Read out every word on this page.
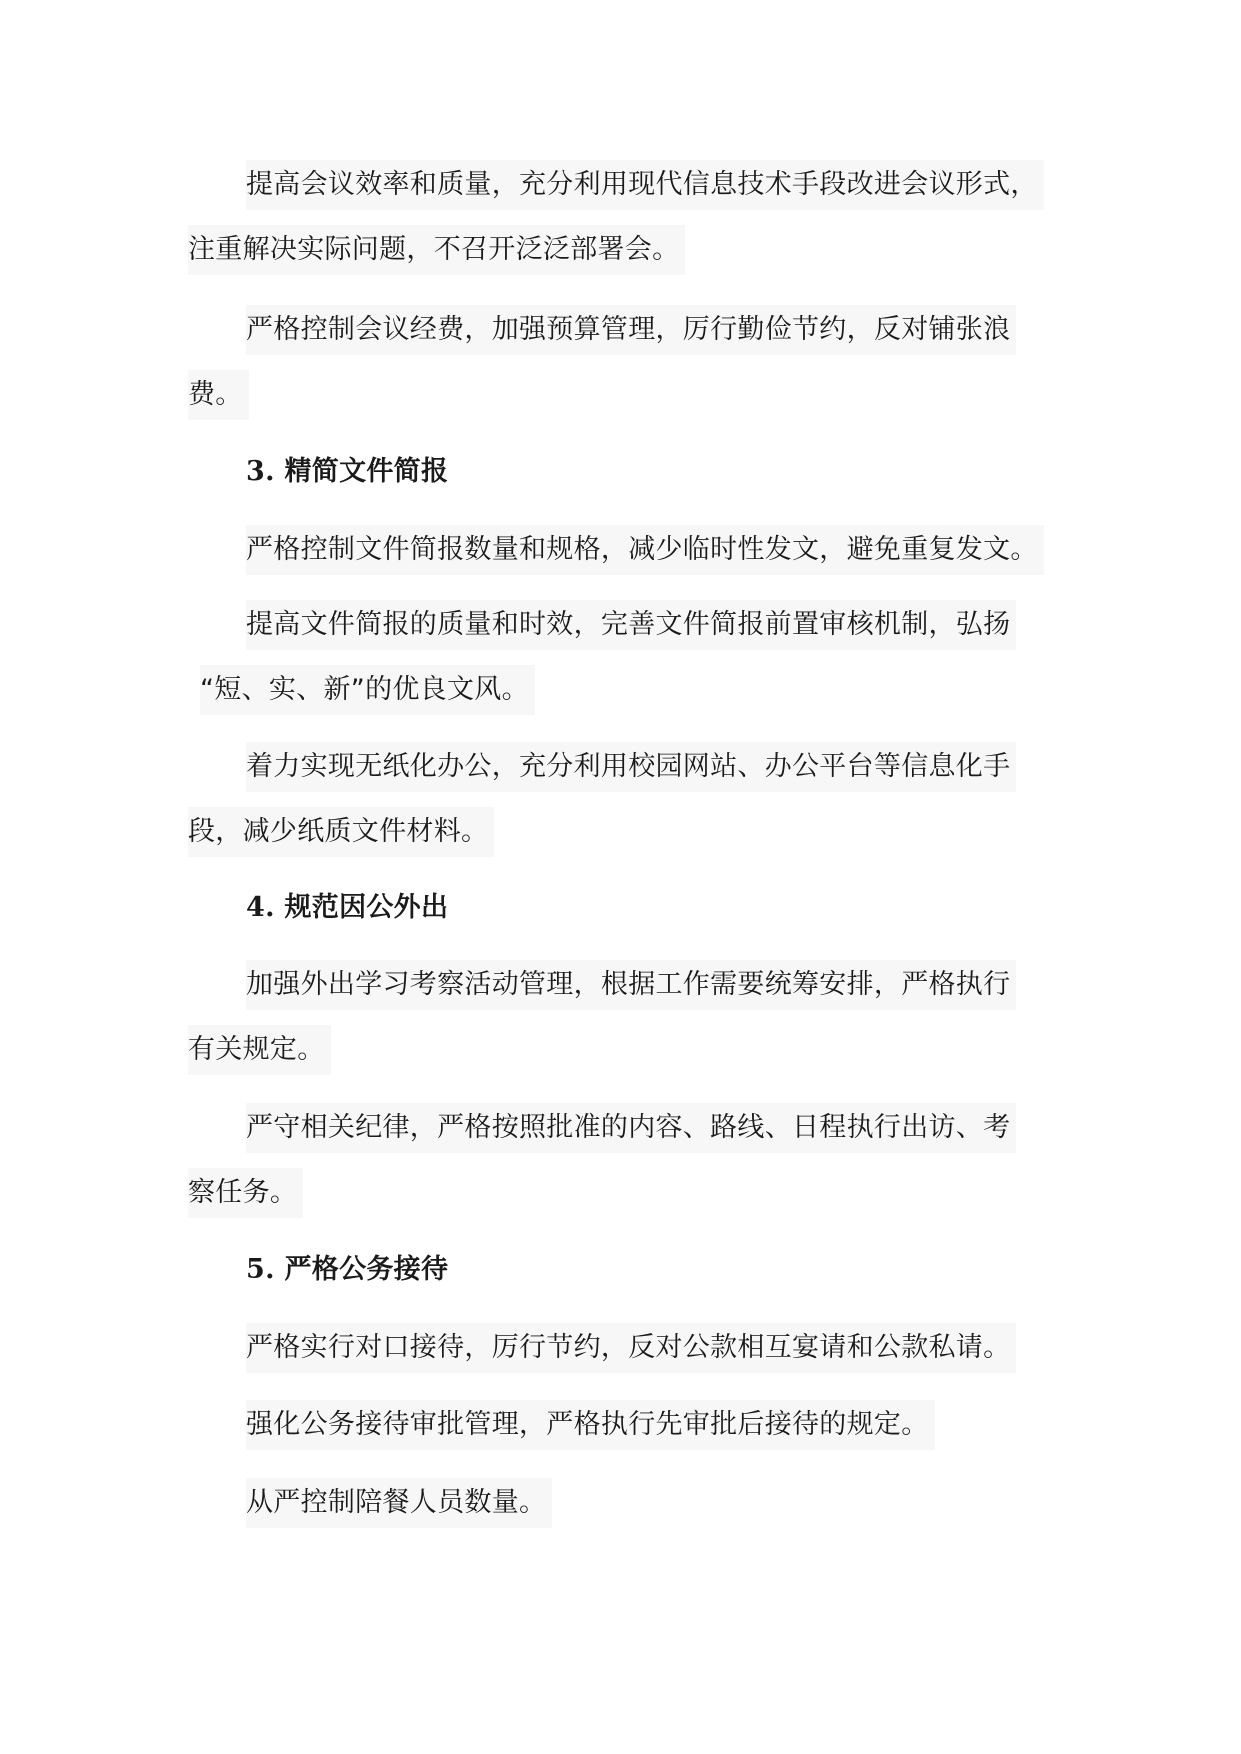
提高会议效率和质量，充分利用现代信息技术手段改进会议形式，
注重解决实际问题，不召开泛泛部署会。
严格控制会议经费，加强预算管理，厉行勤俭节约，反对铺张浪
费。
3. 精简文件简报
严格控制文件简报数量和规格，减少临时性发文，避免重复发文。
提高文件简报的质量和时效，完善文件简报前置审核机制，弘扬
“短、实、新”的优良文风。
着力实现无纸化办公，充分利用校园网站、办公平台等信息化手
段，减少纸质文件材料。
4. 规范因公外出
加强外出学习考察活动管理，根据工作需要统筹安排，严格执行
有关规定。
严守相关纪律，严格按照批准的内容、路线、日程执行出访、考
察任务。
5. 严格公务接待
严格实行对口接待，厉行节约，反对公款相互宴请和公款私请。
强化公务接待审批管理，严格执行先审批后接待的规定。
从严控制陪餐人员数量。
